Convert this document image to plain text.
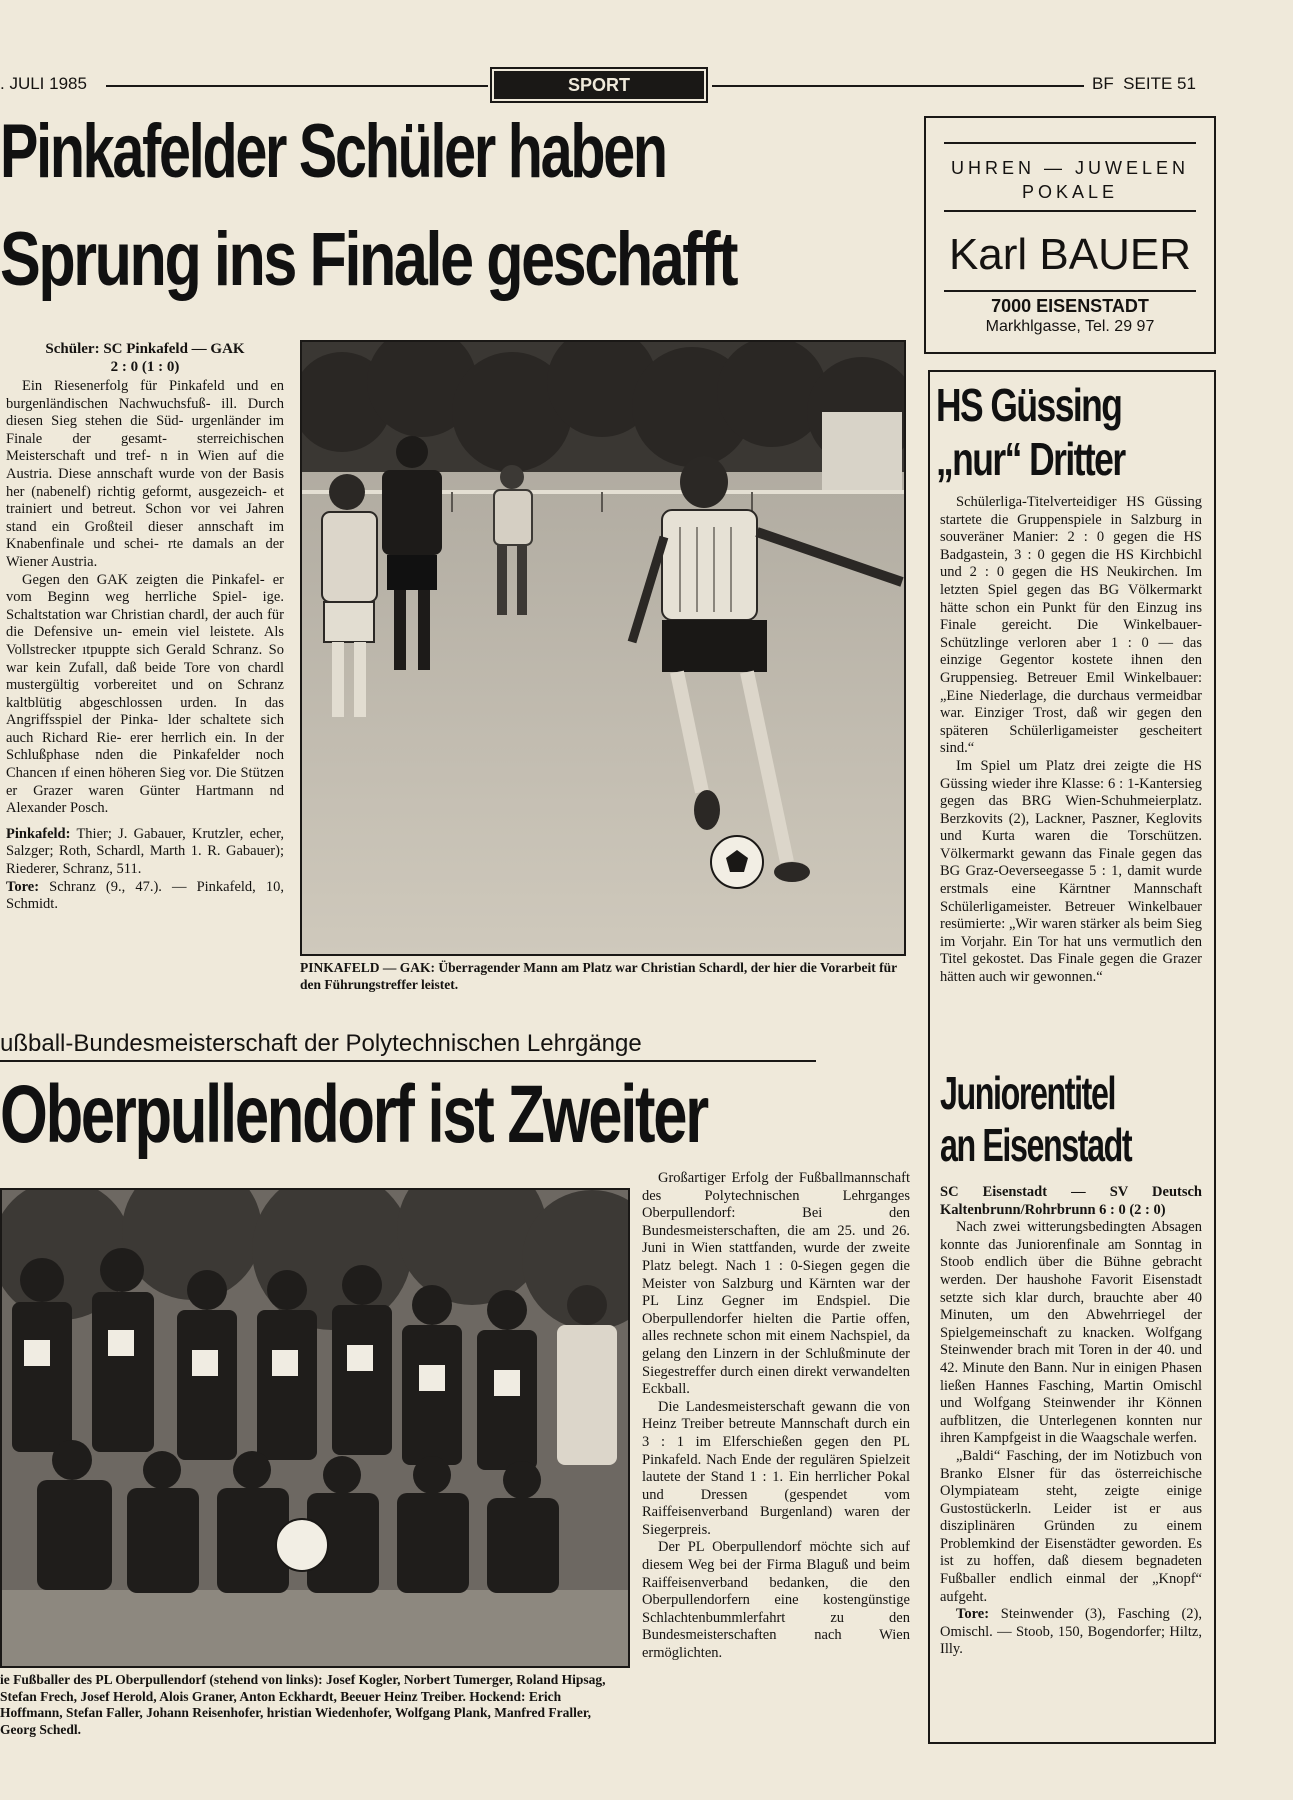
. JULI 1985	SPORT	BF  SEITE 51
Pinkafelder Schüler haben
Sprung ins Finale geschafft
Schüler: SC Pinkafeld — GAK
2 : 0 (1 : 0)

Ein Riesenerfolg für Pinkafeld und en burgenländischen Nachwuchsfuß- ill. Durch diesen Sieg stehen die Süd- urgenländer im Finale der gesamt- sterreichischen Meisterschaft und tref- n in Wien auf die Austria. Diese annschaft wurde von der Basis her (nabenelf) richtig geformt, ausgezeich- et trainiert und betreut. Schon vor vei Jahren stand ein Großteil dieser annschaft im Knabenfinale und schei- rte damals an der Wiener Austria.

Gegen den GAK zeigten die Pinkafel- er vom Beginn weg herrliche Spiel- ige. Schaltstation war Christian chardl, der auch für die Defensive un- emein viel leistete. Als Vollstrecker ıtpuppte sich Gerald Schranz. So war kein Zufall, daß beide Tore von chardl mustergültig vorbereitet und on Schranz kaltblütig abgeschlossen urden. In das Angriffsspiel der Pinka- lder schaltete sich auch Richard Rie- erer herrlich ein. In der Schlußphase nden die Pinkafelder noch Chancen ıf einen höheren Sieg vor. Die Stützen er Grazer waren Günter Hartmann nd Alexander Posch.

Pinkafeld: Thier; J. Gabauer, Krutzler, echer, Salzger; Roth, Schardl, Marth 1. R. Gabauer); Riederer, Schranz, 511.

Tore: Schranz (9., 47.). — Pinkafeld, 10, Schmidt.

PINKAFELD — GAK: Überragender Mann am Platz war Christian Schardl, der hier die Vorarbeit für den Führungstreffer leistet.
UHREN — JUWELEN
POKALE
Karl BAUER
7000 EISENSTADT
Markhlgasse, Tel. 29 97
HS Güssing
„nur“ Dritter

Schülerliga-Titelverteidiger HS Güssing startete die Gruppenspiele in Salzburg in souveräner Manier: 2 : 0 gegen die HS Badgastein, 3 : 0 gegen die HS Kirchbichl und 2 : 0 gegen die HS Neukirchen. Im letzten Spiel gegen das BG Völkermarkt hätte schon ein Punkt für den Einzug ins Finale gereicht. Die Winkelbauer-Schützlinge verloren aber 1 : 0 — das einzige Gegentor kostete ihnen den Gruppensieg. Betreuer Emil Winkelbauer: „Eine Niederlage, die durchaus vermeidbar war. Einziger Trost, daß wir gegen den späteren Schülerligameister gescheitert sind.“

Im Spiel um Platz drei zeigte die HS Güssing wieder ihre Klasse: 6 : 1-Kantersieg gegen das BRG Wien-Schuhmeierplatz. Berzkovits (2), Lackner, Paszner, Keglovits und Kurta waren die Torschützen. Völkermarkt gewann das Finale gegen das BG Graz-Oeverseegasse 5 : 1, damit wurde erstmals eine Kärntner Mannschaft Schülerligameister. Betreuer Winkelbauer resümierte: „Wir waren stärker als beim Sieg im Vorjahr. Ein Tor hat uns vermutlich den Titel gekostet. Das Finale gegen die Grazer hätten auch wir gewonnen.“

Juniorentitel
an Eisenstadt

SC Eisenstadt — SV Deutsch Kaltenbrunn/Rohrbrunn 6 : 0 (2 : 0)

Nach zwei witterungsbedingten Absagen konnte das Juniorenfinale am Sonntag in Stoob endlich über die Bühne gebracht werden. Der haushohe Favorit Eisenstadt setzte sich klar durch, brauchte aber 40 Minuten, um den Abwehrriegel der Spielgemeinschaft zu knacken. Wolfgang Steinwender brach mit Toren in der 40. und 42. Minute den Bann. Nur in einigen Phasen ließen Hannes Fasching, Martin Omischl und Wolfgang Steinwender ihr Können aufblitzen, die Unterlegenen konnten nur ihren Kampfgeist in die Waagschale werfen.

„Baldi“ Fasching, der im Notizbuch von Branko Elsner für das österreichische Olympiateam steht, zeigte einige Gustostückerln. Leider ist er aus disziplinären Gründen zu einem Problemkind der Eisenstädter geworden. Es ist zu hoffen, daß diesem begnadeten Fußballer endlich einmal der „Knopf“ aufgeht.

Tore: Steinwender (3), Fasching (2), Omischl. — Stoob, 150, Bogendorfer; Hiltz, Illy.

ußball-Bundesmeisterschaft der Polytechnischen Lehrgänge
Oberpullendorf ist Zweiter
ie Fußballer des PL Oberpullendorf (stehend von links): Josef Kogler, Norbert Tumerger, Roland Hipsag, Stefan Frech, Josef Herold, Alois Graner, Anton Eckhardt, Beeuer Heinz Treiber. Hockend: Erich Hoffmann, Stefan Faller, Johann Reisenhofer, hristian Wiedenhofer, Wolfgang Plank, Manfred Fraller, Georg Schedl.

Großartiger Erfolg der Fußballmannschaft des Polytechnischen Lehrganges Oberpullendorf: Bei den Bundesmeisterschaften, die am 25. und 26. Juni in Wien stattfanden, wurde der zweite Platz belegt. Nach 1 : 0-Siegen gegen die Meister von Salzburg und Kärnten war der PL Linz Gegner im Endspiel. Die Oberpullendorfer hielten die Partie offen, alles rechnete schon mit einem Nachspiel, da gelang den Linzern in der Schlußminute der Siegestreffer durch einen direkt verwandelten Eckball.

Die Landesmeisterschaft gewann die von Heinz Treiber betreute Mannschaft durch ein 3 : 1 im Elferschießen gegen den PL Pinkafeld. Nach Ende der regulären Spielzeit lautete der Stand 1 : 1. Ein herrlicher Pokal und Dressen (gespendet vom Raiffeisenverband Burgenland) waren der Siegerpreis.

Der PL Oberpullendorf möchte sich auf diesem Weg bei der Firma Blaguß und beim Raiffeisenverband bedanken, die den Oberpullendorfern eine kostengünstige Schlachtenbummlerfahrt zu den Bundesmeisterschaften nach Wien ermöglichten.
